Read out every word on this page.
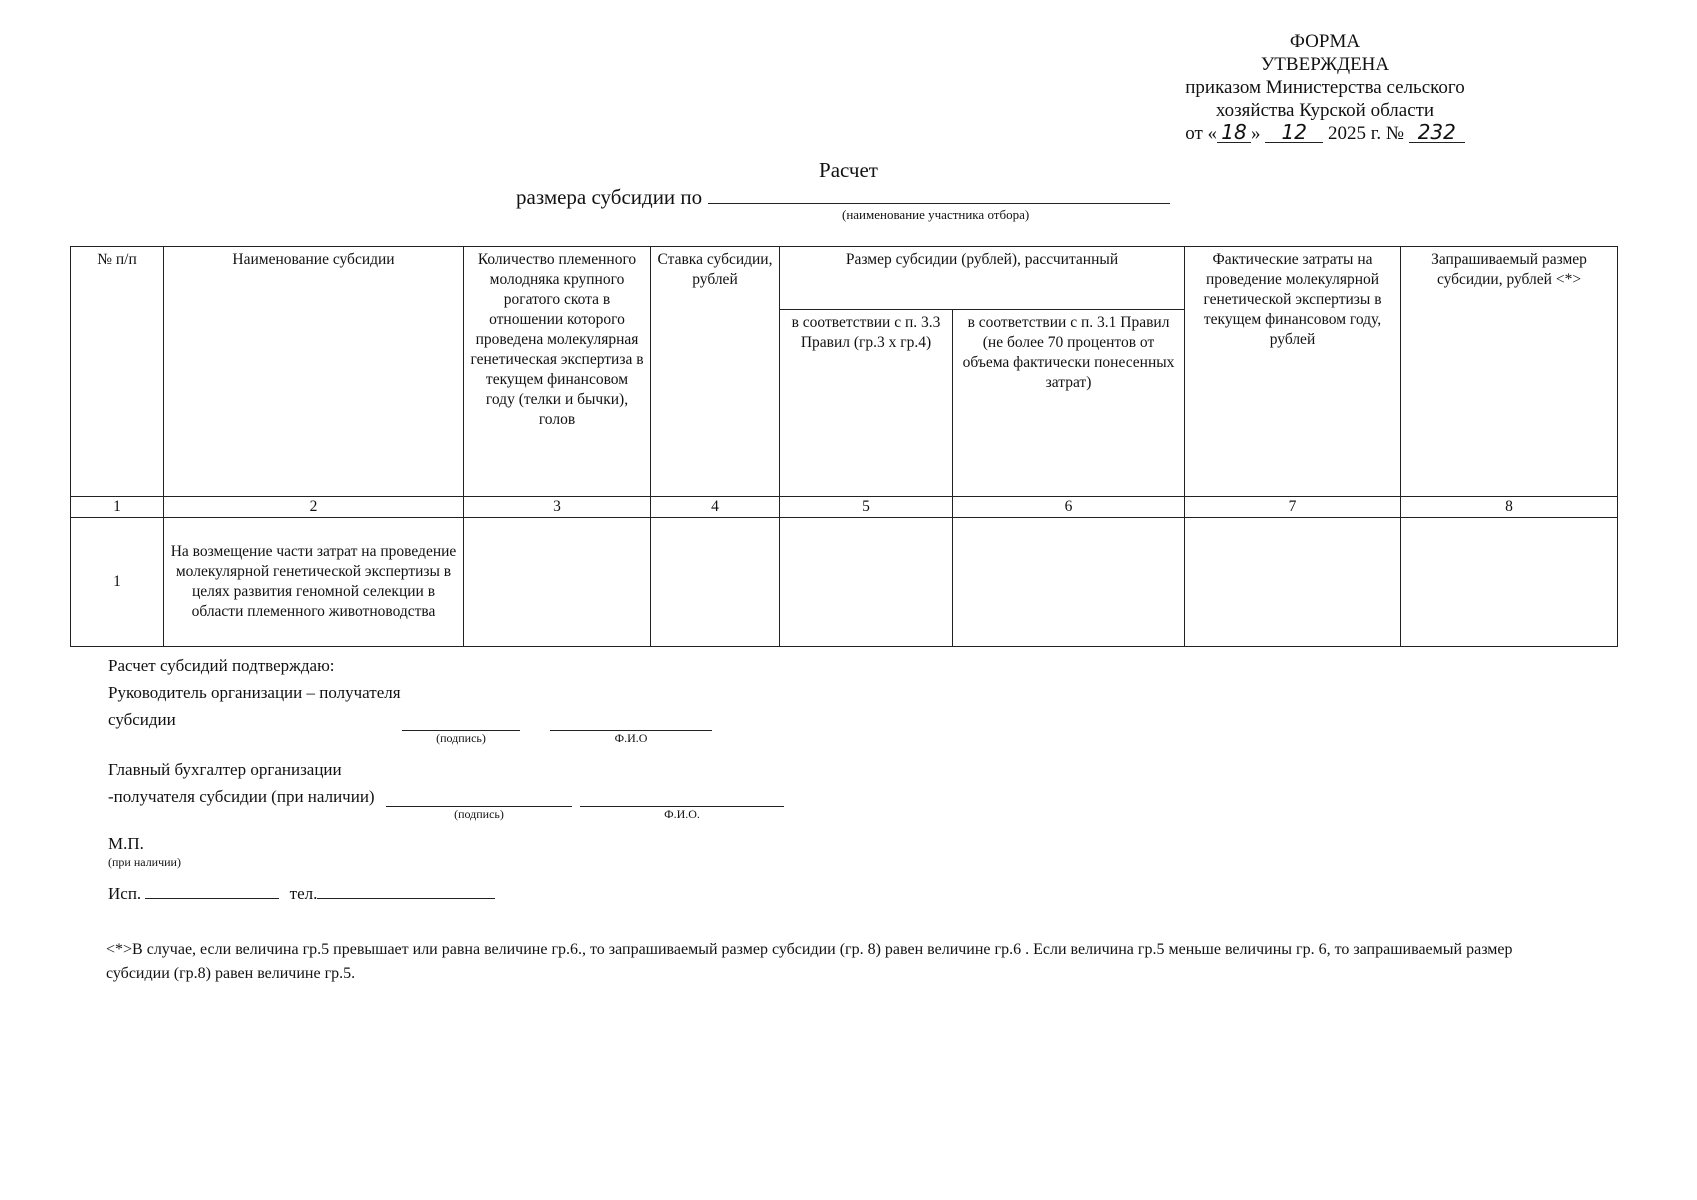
ФОРМА
УТВЕРЖДЕНА
приказом Министерства сельского
хозяйства Курской области
от « 18 » 12 2025 г. № 232
Расчет
размера субсидии по
(наименование участника отбора)
№ п/п	Наименование субсидии	Количество племенного молодняка крупного рогатого скота в отношении которого проведена молекулярная генетическая экспертиза в текущем финансовом году (телки и бычки), голов	Ставка субсидии, рублей	Размер субсидии (рублей), рассчитанный		Фактические затраты на проведение молекулярной генетической экспертизы в текущем финансовом году, рублей	Запрашиваемый размер субсидии, рублей <*>
				в соответствии с п. 3.3 Правил (гр.3 х гр.4)	в соответствии с п. 3.1 Правил (не более 70 процентов от объема фактически понесенных затрат)		
1	2	3	4	5	6	7	8
1	На возмещение части затрат на проведение молекулярной генетической экспертизы в целях развития геномной селекции в области племенного животноводства						

Расчет субсидий подтверждаю:

Руководитель организации – получателя

субсидии

(подпись)	Ф.И.О

Главный бухгалтер организации

-получателя субсидии (при наличии)

(подпись)	Ф.И.О.

М.П.

(при наличии)

Исп.	тел.
<*>В случае, если величина гр.5 превышает или равна величине гр.6., то запрашиваемый размер субсидии (гр. 8) равен величине гр.6 . Если величина гр.5 меньше величины гр. 6, то запрашиваемый размер субсидии (гр.8) равен величине гр.5.
